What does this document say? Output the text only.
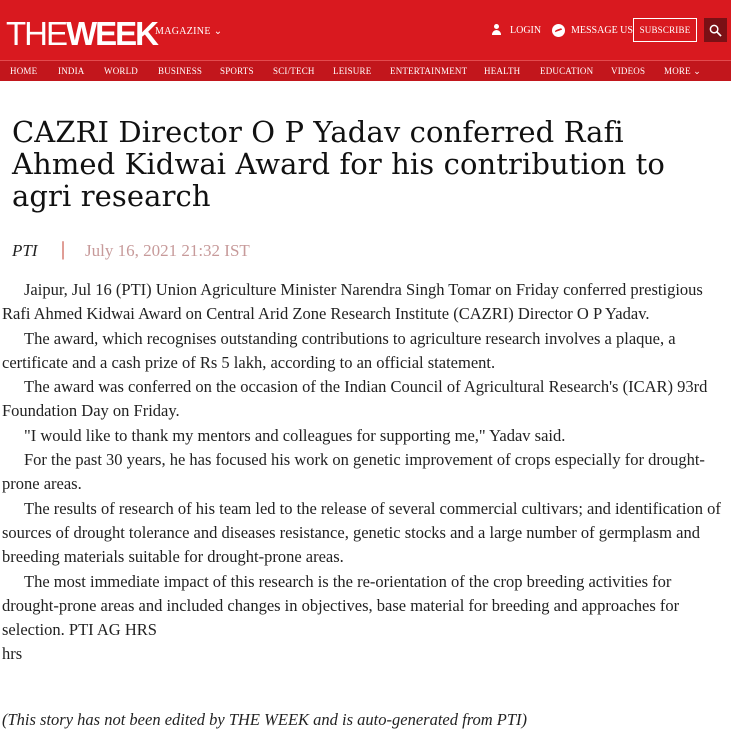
THEWEEK
MAGAZINE ⌄	LOGIN	MESSAGE US SUBSCRIBE
HOME INDIA WORLD BUSINESS SPORTS SCI/TECH LEISURE ENTERTAINMENT HEALTH EDUCATION VIDEOS MORE ⌄
CAZRI Director O P Yadav conferred Rafi Ahmed Kidwai Award for his contribution to agri research
PTI | July 16, 2021 21:32 IST

Jaipur, Jul 16 (PTI) Union Agriculture Minister Narendra Singh Tomar on Friday conferred prestigious Rafi Ahmed Kidwai Award on Central Arid Zone Research Institute (CAZRI) Director O P Yadav.

The award, which recognises outstanding contributions to agriculture research involves a plaque, a certificate and a cash prize of Rs 5 lakh, according to an official statement.

The award was conferred on the occasion of the Indian Council of Agricultural Research's (ICAR) 93rd Foundation Day on Friday.

"I would like to thank my mentors and colleagues for supporting me," Yadav said.

For the past 30 years, he has focused his work on genetic improvement of crops especially for drought-prone areas.

The results of research of his team led to the release of several commercial cultivars; and identification of sources of drought tolerance and diseases resistance, genetic stocks and a large number of germplasm and breeding materials suitable for drought-prone areas.

The most immediate impact of this research is the re-orientation of the crop breeding activities for drought-prone areas and included changes in objectives, base material for breeding and approaches for selection. PTI AG HRS

hrs

(This story has not been edited by THE WEEK and is auto-generated from PTI)
